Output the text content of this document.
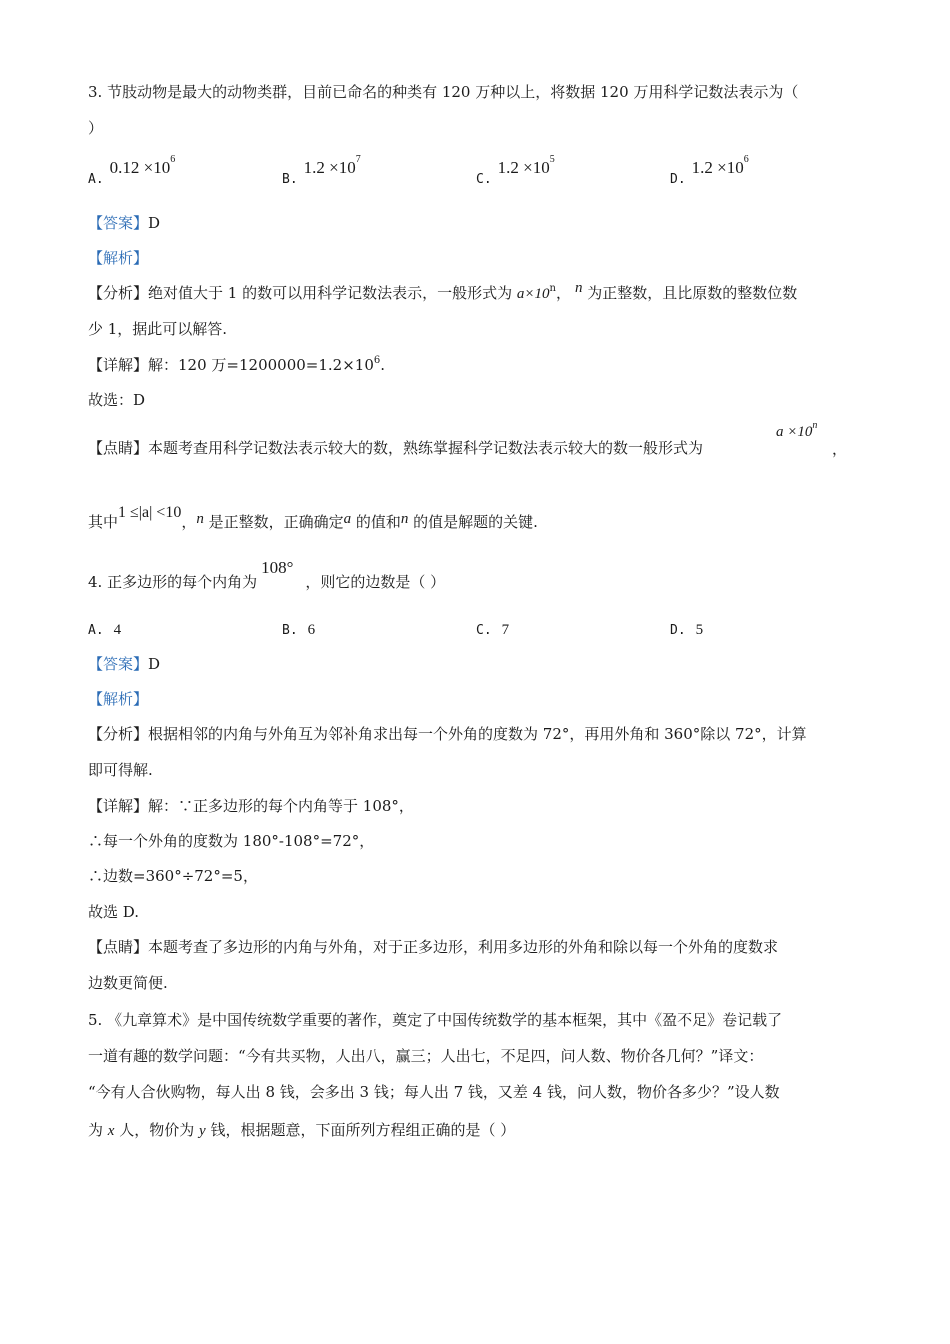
3. 节肢动物是最大的动物类群，目前已命名的种类有 120 万种以上，将数据 120 万用科学记数法表示为（
）
$A.0.12 \times 10^6$
$B.1.2 \times 10^7$
$C.1.2 \times 10^5$
$D.1.2 \times 10^6$
【答案】D
【解析】
【分析】绝对值大于 1 的数可以用科学记数法表示，一般形式为 $a\times 10^n$， n 为正整数，且比原数的整数位数
少 1，据此可以解答.
【详解】解：120 万$=1200000=1.2\times 10^6$.
故选：D
【点睛】本题考查用科学记数法表示较大的数，熟练掌握科学记数法表示较大的数一般形式为
$a \times 10^n$
，
其中1 ≤|a| <10，n 是正整数，正确确定a 的值和n 的值是解题的关键.
4. 正多边形的每个内角为108°，则它的边数是（ ）
A. 4	B. 6	C. 7	D. 5
【答案】D
【解析】
【分析】根据相邻的内角与外角互为邻补角求出每一个外角的度数为 72°，再用外角和 360°除以 72°，计算
即可得解.
【详解】解：∵正多边形的每个内角等于 108°，
∴每一个外角的度数为 180°-108°=72°，
∴边数=360°÷72°=5，
故选 D.
【点睛】本题考查了多边形的内角与外角，对于正多边形，利用多边形的外角和除以每一个外角的度数求
边数更简便.
5. 《九章算术》是中国传统数学重要的著作，奠定了中国传统数学的基本框架，其中《盈不足》卷记载了
一道有趣的数学问题：“今有共买物，人出八，赢三；人出七，不足四，问人数、物价各几何？”译文：
“今有人合伙购物，每人出 8 钱，会多出 3 钱；每人出 7 钱，又差 4 钱，问人数，物价各多少？”设人数
为 x 人，物价为 y 钱，根据题意，下面所列方程组正确的是（ ）
